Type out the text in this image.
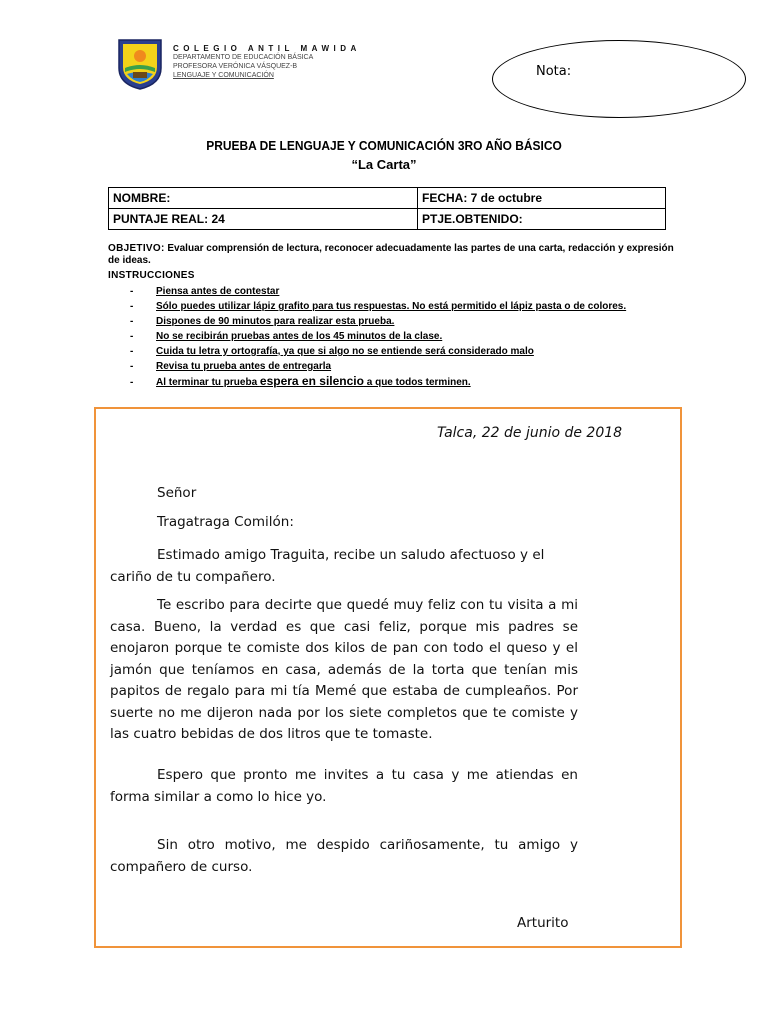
COLEGIO ANTIL MAWIDA
DEPARTAMENTO DE EDUCACIÓN BÁSICA
PROFESORA VERÓNICA VÁSQUEZ-B
LENGUAJE Y COMUNICACIÓN	Nota:
PRUEBA DE LENGUAJE Y COMUNICACIÓN 3RO AÑO BÁSICO
“La Carta”
NOMBRE:	FECHA: 7 de octubre
PUNTAJE REAL: 24	PTJE.OBTENIDO:
OBJETIVO: Evaluar comprensión de lectura, reconocer adecuadamente las partes de una carta, redacción y expresión de ideas.
INSTRUCCIONES
- Piensa antes de contestar
- Sólo puedes utilizar lápiz grafito para tus respuestas. No está permitido el lápiz pasta o de colores.
- Dispones de 90 minutos para realizar esta prueba.
- No se recibirán pruebas antes de los 45 minutos de la clase.
- Cuida tu letra y ortografía, ya que si algo no se entiende será considerado malo
- Revisa tu prueba antes de entregarla
- Al terminar tu prueba espera en silencio a que todos terminen.
Talca, 22 de junio de 2018
Señor
Tragatraga Comilón:
Estimado amigo Traguita, recibe un saludo afectuoso y el cariño de tu compañero.
Te escribo para decirte que quedé muy feliz con tu visita a mi casa. Bueno, la verdad es que casi feliz, porque mis padres se enojaron porque te comiste dos kilos de pan con todo el queso y el jamón que teníamos en casa, además de la torta que tenían mis papitos de regalo para mi tía Memé que estaba de cumpleaños. Por suerte no me dijeron nada por los siete completos que te comiste y las cuatro bebidas de dos litros que te tomaste.
Espero que pronto me invites a tu casa y me atiendas en forma similar a como lo hice yo.
Sin otro motivo, me despido cariñosamente, tu amigo y compañero de curso.
Arturito
